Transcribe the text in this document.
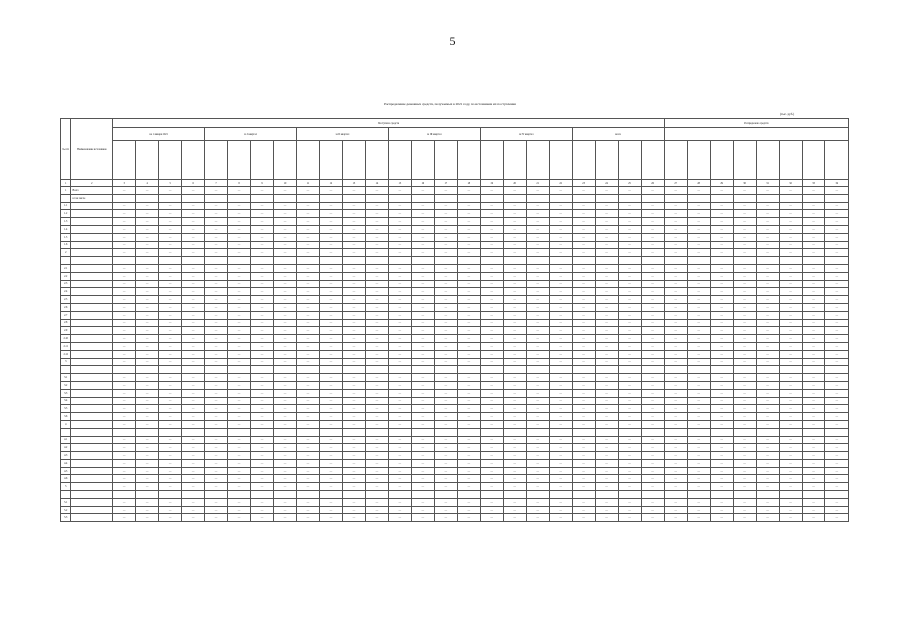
5
Распределение денежных средств, получаемых в 2021 году, по источникам их поступления
(тыс. руб.)
№ п/п	Наименование источников	Поступило средств																								Распределено средств							
		на 1 января 2021				за I квартал				за II квартал				за III квартал				за IV квартал				всего											

1	2	3	4	5	6	7	8	9	10	11	12	13	14	15	16	17	18	19	20	21	22	23	24	25	26	27	28	29	30	31	32	33	34
1	Всего	—	—	—	—	—	—	—	—	—	—	—	—	—	—	—	—	—	—	—	—	—	—	—	—	—	—	—	—	—	—	—	—
	в том числе																																
1.1		—	—	—	—	—	—	—	—	—	—	—	—	—	—	—	—	—	—	—	—	—	—	—	—	—	—	—	—	—	—	—	—
1.2		—	—	—	—	—	—	—	—	—	—	—	—	—	—	—	—	—	—	—	—	—	—	—	—	—	—	—	—	—	—	—	—
1.3		—	—	—	—	—	—	—	—	—	—	—	—	—	—	—	—	—	—	—	—	—	—	—	—	—	—	—	—	—	—	—	—
1.4		—	—	—	—	—	—	—	—	—	—	—	—	—	—	—	—	—	—	—	—	—	—	—	—	—	—	—	—	—	—	—	—
1.5		—	—	—	—	—	—	—	—	—	—	—	—	—	—	—	—	—	—	—	—	—	—	—	—	—	—	—	—	—	—	—	—
1.6		—	—	—	—	—	—	—	—	—	—	—	—	—	—	—	—	—	—	—	—	—	—	—	—	—	—	—	—	—	—	—	—
2		—	—	—	—	—	—	—	—	—	—	—	—	—	—	—	—	—	—	—	—	—	—	—	—	—	—	—	—	—	—	—	—

2.1		—	—	—	—	—	—	—	—	—	—	—	—	—	—	—	—	—	—	—	—	—	—	—	—	—	—	—	—	—	—	—	—
2.2		—	—	—	—	—	—	—	—	—	—	—	—	—	—	—	—	—	—	—	—	—	—	—	—	—	—	—	—	—	—	—	—
2.3		—	—	—	—	—	—	—	—	—	—	—	—	—	—	—	—	—	—	—	—	—	—	—	—	—	—	—	—	—	—	—	—
2.4		—	—	—	—	—	—	—	—	—	—	—	—	—	—	—	—	—	—	—	—	—	—	—	—	—	—	—	—	—	—	—	—
2.5		—	—	—	—	—	—	—	—	—	—	—	—	—	—	—	—	—	—	—	—	—	—	—	—	—	—	—	—	—	—	—	—
2.6		—	—	—	—	—	—	—	—	—	—	—	—	—	—	—	—	—	—	—	—	—	—	—	—	—	—	—	—	—	—	—	—
2.7		—	—	—	—	—	—	—	—	—	—	—	—	—	—	—	—	—	—	—	—	—	—	—	—	—	—	—	—	—	—	—	—
2.8		—	—	—	—	—	—	—	—	—	—	—	—	—	—	—	—	—	—	—	—	—	—	—	—	—	—	—	—	—	—	—	—
2.9		—	—	—	—	—	—	—	—	—	—	—	—	—	—	—	—	—	—	—	—	—	—	—	—	—	—	—	—	—	—	—	—
2.10		—	—	—	—	—	—	—	—	—	—	—	—	—	—	—	—	—	—	—	—	—	—	—	—	—	—	—	—	—	—	—	—
2.11		—	—	—	—	—	—	—	—	—	—	—	—	—	—	—	—	—	—	—	—	—	—	—	—	—	—	—	—	—	—	—	—
2.12		—	—	—	—	—	—	—	—	—	—	—	—	—	—	—	—	—	—	—	—	—	—	—	—	—	—	—	—	—	—	—	—
3		—	—	—	—	—	—	—	—	—	—	—	—	—	—	—	—	—	—	—	—	—	—	—	—	—	—	—	—	—	—	—	—

3.1		—	—	—	—	—	—	—	—	—	—	—	—	—	—	—	—	—	—	—	—	—	—	—	—	—	—	—	—	—	—	—	—
3.2		—	—	—	—	—	—	—	—	—	—	—	—	—	—	—	—	—	—	—	—	—	—	—	—	—	—	—	—	—	—	—	—
3.3		—	—	—	—	—	—	—	—	—	—	—	—	—	—	—	—	—	—	—	—	—	—	—	—	—	—	—	—	—	—	—	—
3.4		—	—	—	—	—	—	—	—	—	—	—	—	—	—	—	—	—	—	—	—	—	—	—	—	—	—	—	—	—	—	—	—
3.5		—	—	—	—	—	—	—	—	—	—	—	—	—	—	—	—	—	—	—	—	—	—	—	—	—	—	—	—	—	—	—	—
3.6		—	—	—	—	—	—	—	—	—	—	—	—	—	—	—	—	—	—	—	—	—	—	—	—	—	—	—	—	—	—	—	—
4		—	—	—	—	—	—	—	—	—	—	—	—	—	—	—	—	—	—	—	—	—	—	—	—	—	—	—	—	—	—	—	—

4.1		—	—	—	—	—	—	—	—	—	—	—	—	—	—	—	—	—	—	—	—	—	—	—	—	—	—	—	—	—	—	—	—
4.2		—	—	—	—	—	—	—	—	—	—	—	—	—	—	—	—	—	—	—	—	—	—	—	—	—	—	—	—	—	—	—	—
4.3		—	—	—	—	—	—	—	—	—	—	—	—	—	—	—	—	—	—	—	—	—	—	—	—	—	—	—	—	—	—	—	—
4.4		—	—	—	—	—	—	—	—	—	—	—	—	—	—	—	—	—	—	—	—	—	—	—	—	—	—	—	—	—	—	—	—
4.5		—	—	—	—	—	—	—	—	—	—	—	—	—	—	—	—	—	—	—	—	—	—	—	—	—	—	—	—	—	—	—	—
4.6		—	—	—	—	—	—	—	—	—	—	—	—	—	—	—	—	—	—	—	—	—	—	—	—	—	—	—	—	—	—	—	—
5		—	—	—	—	—	—	—	—	—	—	—	—	—	—	—	—	—	—	—	—	—	—	—	—	—	—	—	—	—	—	—	—

5.1		—	—	—	—	—	—	—	—	—	—	—	—	—	—	—	—	—	—	—	—	—	—	—	—	—	—	—	—	—	—	—	—
5.2		—	—	—	—	—	—	—	—	—	—	—	—	—	—	—	—	—	—	—	—	—	—	—	—	—	—	—	—	—	—	—	—
5.3		—	—	—	—	—	—	—	—	—	—	—	—	—	—	—	—	—	—	—	—	—	—	—	—	—	—	—	—	—	—	—	—
